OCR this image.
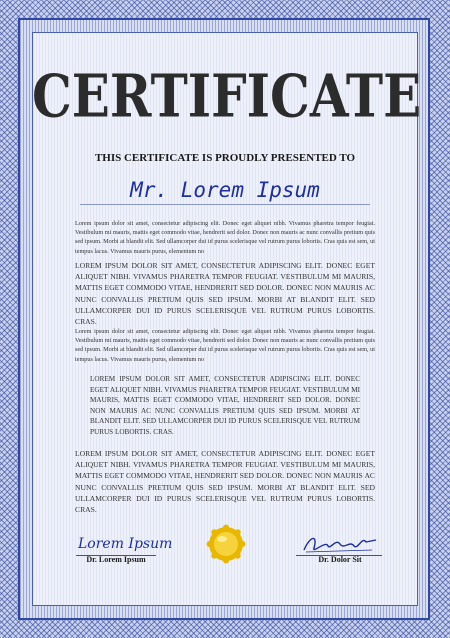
CERTIFICATE
THIS CERTIFICATE IS PROUDLY PRESENTED TO
Mr. Lorem Ipsum
Lorem ipsum dolor sit amet, consectetur adipiscing elit. Donec eget aliquet nibh. Vivamus pharetra tempor feugiat. Vestibulum mi mauris, mattis eget commodo vitae, hendrerit sed dolor. Donec non mauris ac nunc convallis pretium quis sed ipsum. Morbi at blandit elit. Sed ullamcorper dui id purus scelerisque vel rutrum purus lobortis. Cras quis est sem, ut tempus lacus. Vivamus mauris purus, elementum no
LOREM IPSUM DOLOR SIT AMET, CONSECTETUR ADIPISCING ELIT. DONEC EGET ALIQUET NIBH. VIVAMUS PHARETRA TEMPOR FEUGIAT. VESTIBULUM MI MAURIS, MATTIS EGET COMMODO VITAE, HENDRERIT SED DOLOR. DONEC NON MAURIS AC NUNC CONVALLIS PRETIUM QUIS SED IPSUM. MORBI AT BLANDIT ELIT. SED ULLAMCORPER DUI ID PURUS SCELERISQUE VEL RUTRUM PURUS LOBORTIS. CRAS.
Lorem ipsum dolor sit amet, consectetur adipiscing elit. Donec eget aliquet nibh. Vivamus pharetra tempor feugiat. Vestibulum mi mauris, mattis eget commodo vitae, hendrerit sed dolor. Donec non mauris ac nunc convallis pretium quis sed ipsum. Morbi at blandit elit. Sed ullamcorper dui id purus scelerisque vel rutrum purus lobortis. Cras quis est sem, ut tempus lacus. Vivamus mauris purus, elementum no
LOREM IPSUM DOLOR SIT AMET, CONSECTETUR ADIPISCING ELIT. DONEC EGET ALIQUET NIBH. VIVAMUS PHARETRA TEMPOR FEUGIAT. VESTIBULUM MI MAURIS, MATTIS EGET COMMODO VITAE, HENDRERIT SED DOLOR. DONEC NON MAURIS AC NUNC CONVALLIS PRETIUM QUIS SED IPSUM. MORBI AT BLANDIT ELIT. SED ULLAMCORPER DUI ID PURUS SCELERISQUE VEL RUTRUM PURUS LOBORTIS. CRAS.
LOREM IPSUM DOLOR SIT AMET, CONSECTETUR ADIPISCING ELIT. DONEC EGET ALIQUET NIBH. VIVAMUS PHARETRA TEMPOR FEUGIAT. VESTIBULUM MI MAURIS, MATTIS EGET COMMODO VITAE, HENDRERIT SED DOLOR. DONEC NON MAURIS AC NUNC CONVALLIS PRETIUM QUIS SED IPSUM. MORBI AT BLANDIT ELIT. SED ULLAMCORPER DUI ID PURUS SCELERISQUE VEL RUTRUM PURUS LOBORTIS. CRAS.
Lorem Ipsum
Dr. Lorem Ipsum	Dr. Dolor Sit
